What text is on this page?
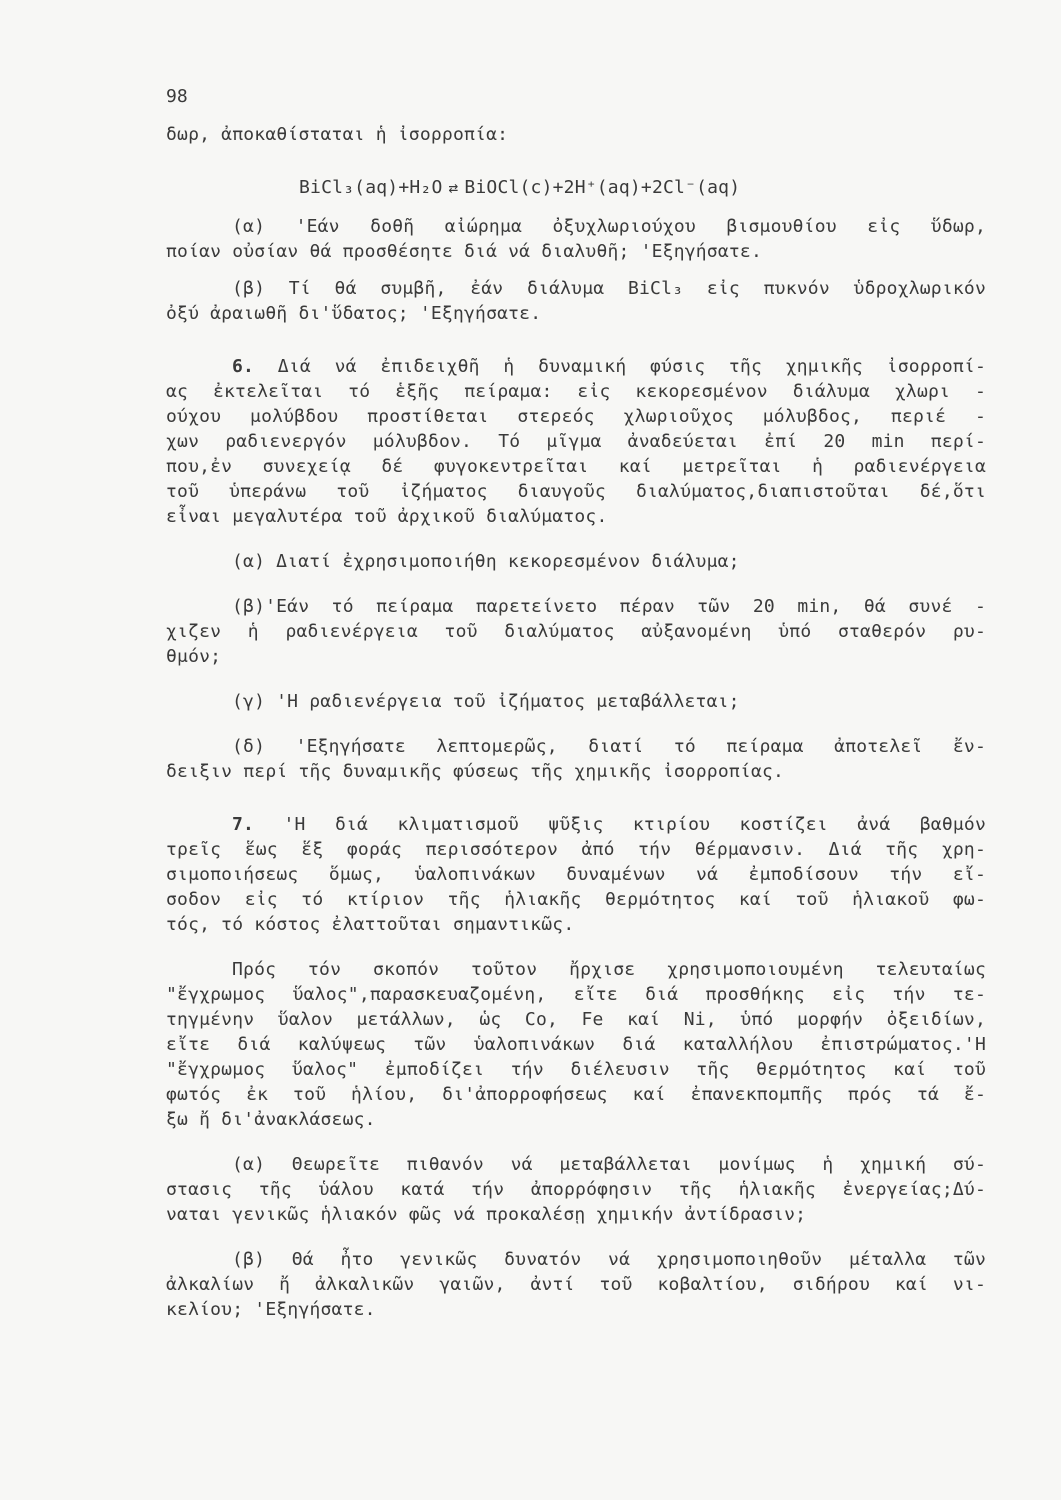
98
δωρ, ἀποκαθίσταται ἡ ἰσορροπία:
BiCl₃(aq)+H₂O ⇄ BiOCl(c)+2H⁺(aq)+2Cl⁻(aq)
(α) 'Εάν δοθῆ αἰώρημα ὀξυχλωριούχου βισμουθίου εἰς ὕδωρ,
ποίαν οὐσίαν θά προσθέσητε διά νά διαλυθῆ; 'Εξηγήσατε.
(β) Τί θά συμβῆ, ἐάν διάλυμα BiCl₃ εἰς πυκνόν ὑδροχλωρικόν
ὀξύ ἀραιωθῆ δι'ὕδατος; 'Εξηγήσατε.
6. Διά νά ἐπιδειχθῆ ἡ δυναμική φύσις τῆς χημικῆς ἰσορροπί-
ας ἐκτελεῖται τό ἑξῆς πείραμα: εἰς κεκορεσμένον διάλυμα χλωρι -
ούχου μολύβδου προστίθεται στερεός χλωριοῦχος μόλυβδος, περιέ -
χων ραδιενεργόν μόλυβδον. Τό μῖγμα ἀναδεύεται ἐπί 20 min περί-
που,ἐν συνεχείᾳ δέ φυγοκεντρεῖται καί μετρεῖται ἡ ραδιενέργεια
τοῦ ὑπεράνω τοῦ ἰζήματος διαυγοῦς διαλύματος,διαπιστοῦται δέ,ὅτι
εἶναι μεγαλυτέρα τοῦ ἀρχικοῦ διαλύματος.
(α) Διατί ἐχρησιμοποιήθη κεκορεσμένον διάλυμα;
(β)'Εάν τό πείραμα παρετείνετο πέραν τῶν 20 min, θά συνέ -
χιζεν ἡ ραδιενέργεια τοῦ διαλύματος αὐξανομένη ὑπό σταθερόν ρυ-
θμόν;
(γ) 'Η ραδιενέργεια τοῦ ἰζήματος μεταβάλλεται;
(δ) 'Εξηγήσατε λεπτομερῶς, διατί τό πείραμα ἀποτελεῖ ἔν-
δειξιν περί τῆς δυναμικῆς φύσεως τῆς χημικῆς ἰσορροπίας.
7. 'Η διά κλιματισμοῦ ψῦξις κτιρίου κοστίζει ἀνά βαθμόν
τρεῖς ἕως ἕξ φοράς περισσότερον ἀπό τήν θέρμανσιν. Διά τῆς χρη-
σιμοποιήσεως ὅμως, ὑαλοπινάκων δυναμένων νά ἐμποδίσουν τήν εἴ-
σοδον εἰς τό κτίριον τῆς ἡλιακῆς θερμότητος καί τοῦ ἡλιακοῦ φω-
τός, τό κόστος ἐλαττοῦται σημαντικῶς.
Πρός τόν σκοπόν τοῦτον ἤρχισε χρησιμοποιουμένη τελευταίως
"ἔγχρωμος ὕαλος",παρασκευαζομένη, εἴτε διά προσθήκης εἰς τήν τε-
τηγμένην ὕαλον μετάλλων, ὡς Co, Fe καί Ni, ὑπό μορφήν ὀξειδίων,
εἴτε διά καλύψεως τῶν ὑαλοπινάκων διά καταλλήλου ἐπιστρώματος.'Η
"ἔγχρωμος ὕαλος" ἐμποδίζει τήν διέλευσιν τῆς θερμότητος καί τοῦ
φωτός ἐκ τοῦ ἡλίου, δι'ἀπορροφήσεως καί ἐπανεκπομπῆς πρός τά ἔ-
ξω ἤ δι'ἀνακλάσεως.
(α) Θεωρεῖτε πιθανόν νά μεταβάλλεται μονίμως ἡ χημική σύ-
στασις τῆς ὑάλου κατά τήν ἀπορρόφησιν τῆς ἡλιακῆς ἐνεργείας;Δύ-
ναται γενικῶς ἡλιακόν φῶς νά προκαλέσῃ χημικήν ἀντίδρασιν;
(β) Θά ἦτο γενικῶς δυνατόν νά χρησιμοποιηθοῦν μέταλλα τῶν
ἀλκαλίων ἤ ἀλκαλικῶν γαιῶν, ἀντί τοῦ κοβαλτίου, σιδήρου καί νι-
κελίου; 'Εξηγήσατε.
